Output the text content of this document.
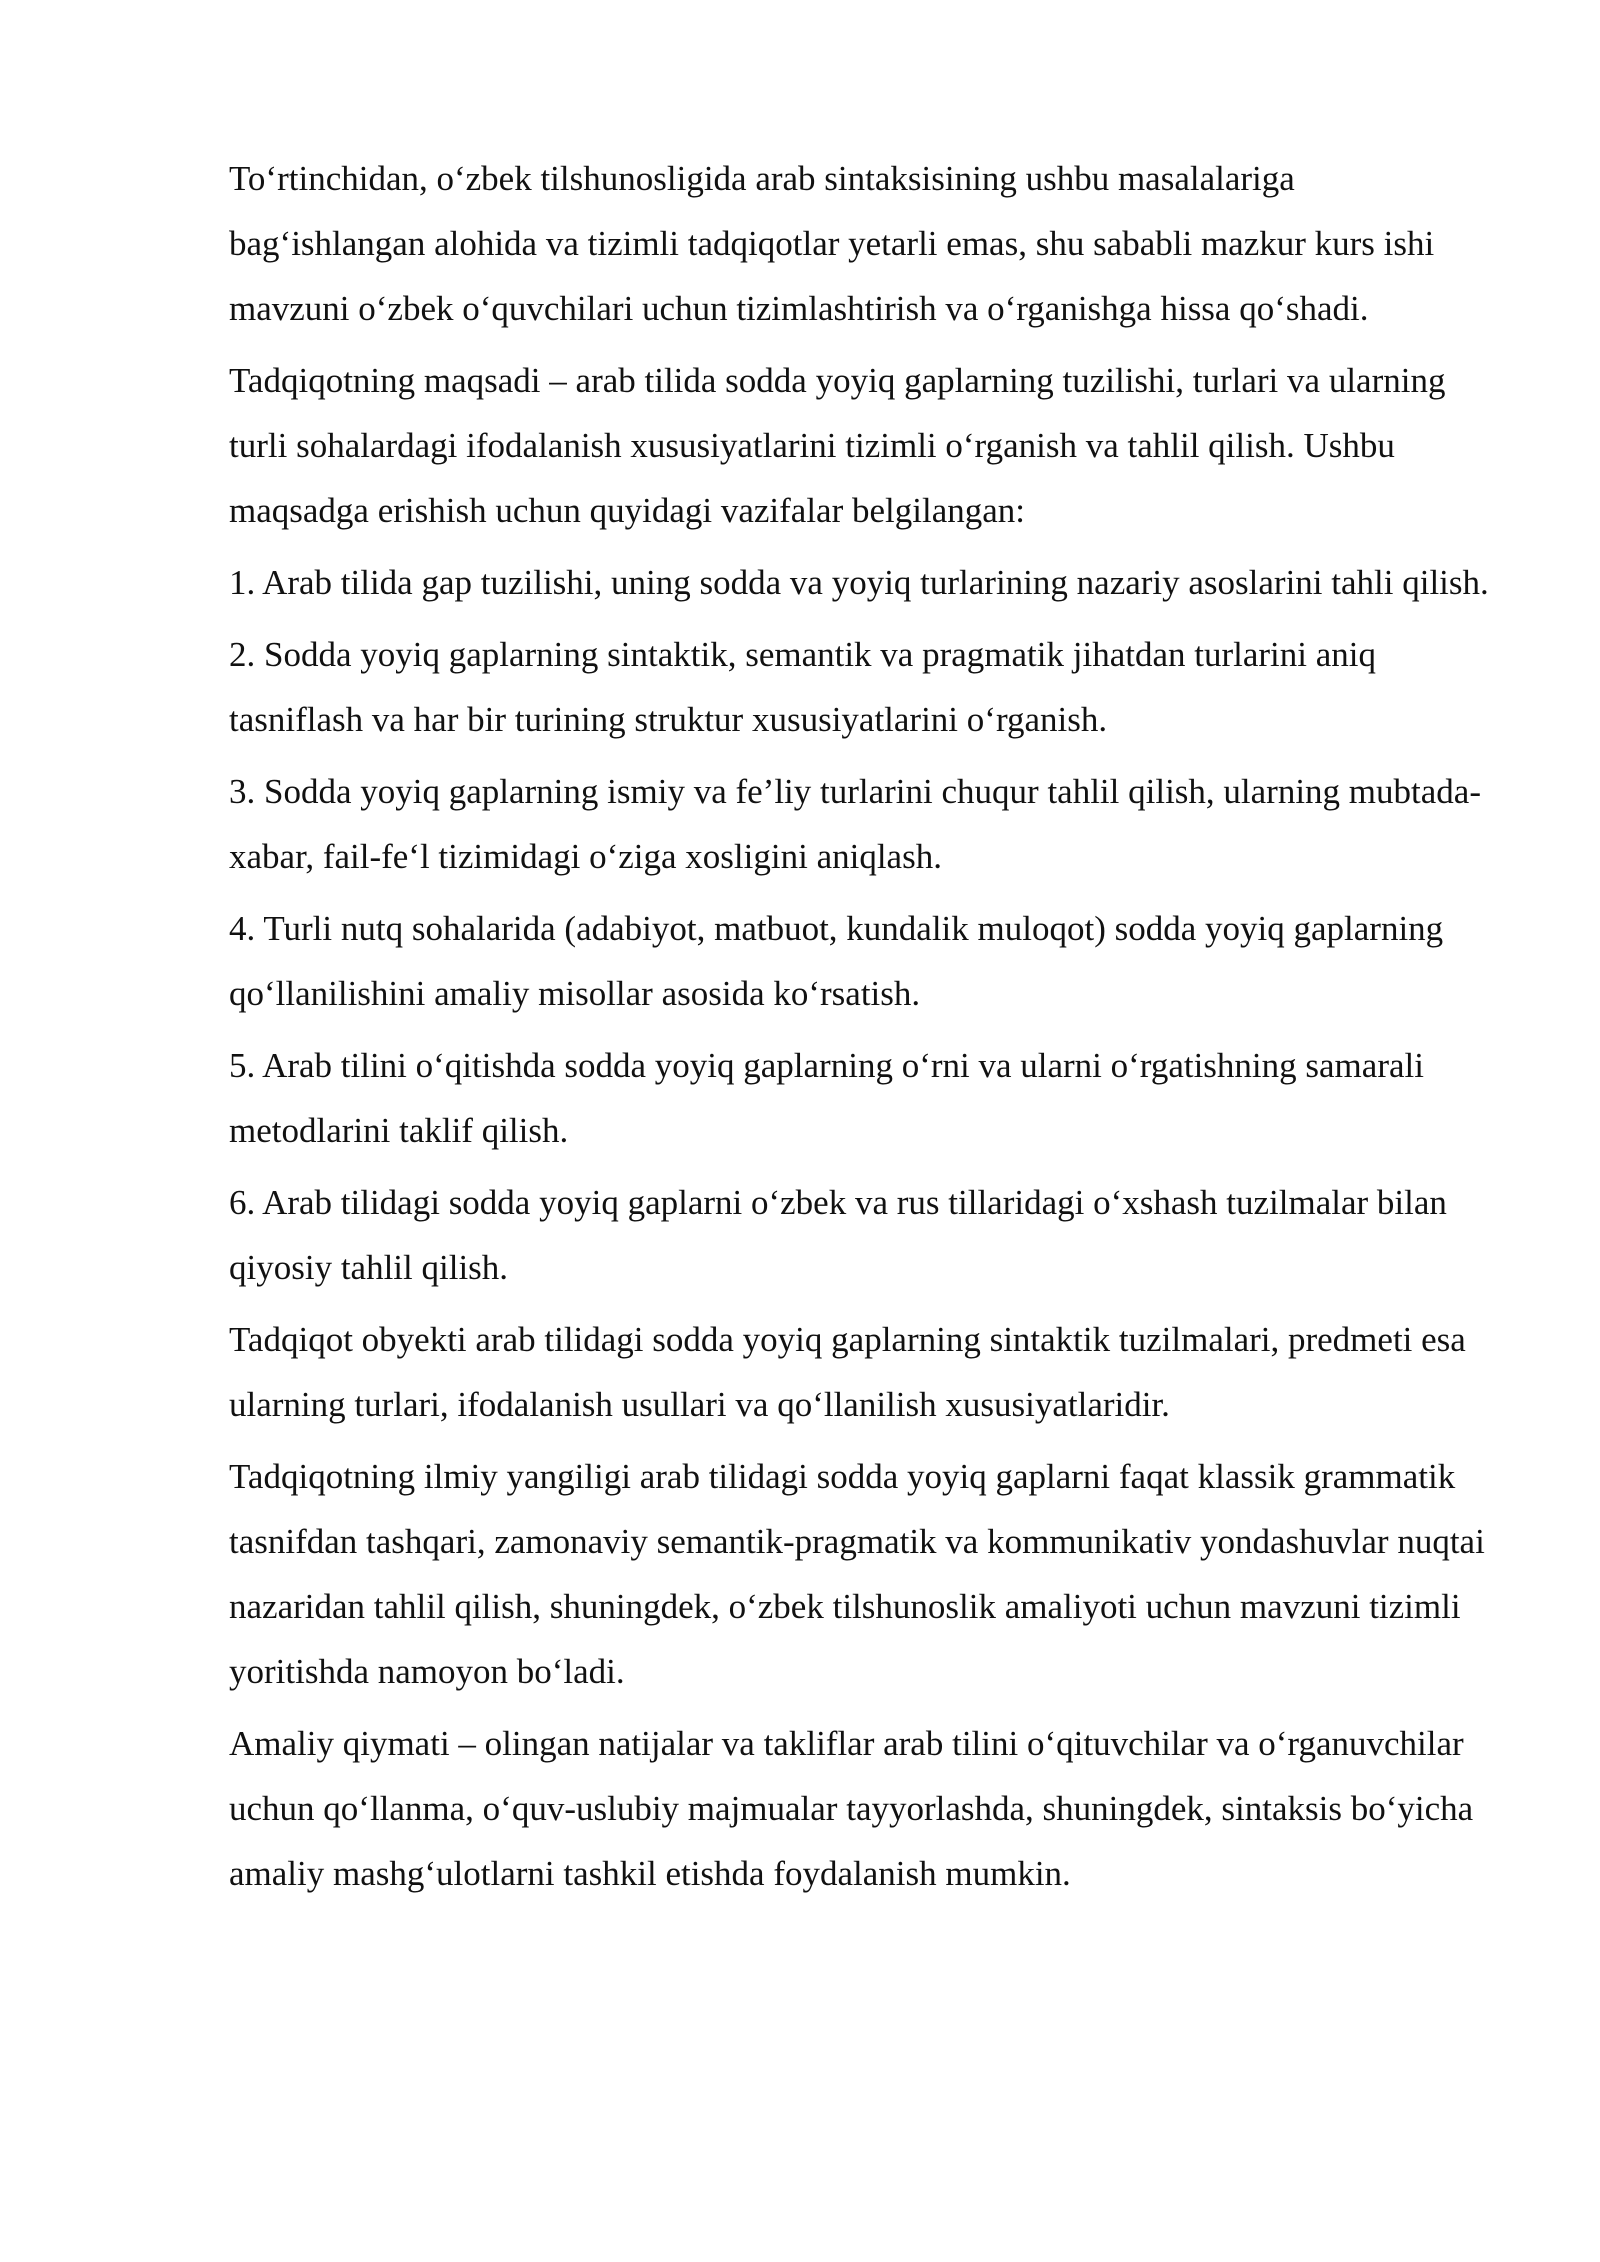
To‘rtinchidan, o‘zbek tilshunosligida arab sintaksisining ushbu masalalariga bag‘ishlangan alohida va tizimli tadqiqotlar yetarli emas, shu sababli mazkur kurs ishi mavzuni o‘zbek o‘quvchilari uchun tizimlashtirish va o‘rganishga hissa qo‘shadi.

Tadqiqotning maqsadi – arab tilida sodda yoyiq gaplarning tuzilishi, turlari va ularning turli sohalardagi ifodalanish xususiyatlarini tizimli o‘rganish va tahlil qilish. Ushbu maqsadga erishish uchun quyidagi vazifalar belgilangan:

1. Arab tilida gap tuzilishi, uning sodda va yoyiq turlarining nazariy asoslarini tahli qilish.

2. Sodda yoyiq gaplarning sintaktik, semantik va pragmatik jihatdan turlarini aniq tasniflash va har bir turining struktur xususiyatlarini o‘rganish.

3. Sodda yoyiq gaplarning ismiy va fe’liy turlarini chuqur tahlil qilish, ularning mubtada-xabar, fail-fe‘l tizimidagi o‘ziga xosligini aniqlash.

4. Turli nutq sohalarida (adabiyot, matbuot, kundalik muloqot) sodda yoyiq gaplarning qo‘llanilishini amaliy misollar asosida ko‘rsatish.

5. Arab tilini o‘qitishda sodda yoyiq gaplarning o‘rni va ularni o‘rgatishning samarali metodlarini taklif qilish.

6. Arab tilidagi sodda yoyiq gaplarni o‘zbek va rus tillaridagi o‘xshash tuzilmalar bilan qiyosiy tahlil qilish.

Tadqiqot obyekti arab tilidagi sodda yoyiq gaplarning sintaktik tuzilmalari, predmeti esa ularning turlari, ifodalanish usullari va qo‘llanilish xususiyatlaridir.

Tadqiqotning ilmiy yangiligi arab tilidagi sodda yoyiq gaplarni faqat klassik grammatik tasnifdan tashqari, zamonaviy semantik-pragmatik va kommunikativ yondashuvlar nuqtai nazaridan tahlil qilish, shuningdek, o‘zbek tilshunoslik amaliyoti uchun mavzuni tizimli yoritishda namoyon bo‘ladi.

Amaliy qiymati – olingan natijalar va takliflar arab tilini o‘qituvchilar va o‘rganuvchilar uchun qo‘llanma, o‘quv-uslubiy majmualar tayyorlashda, shuningdek, sintaksis bo‘yicha amaliy mashg‘ulotlarni tashkil etishda foydalanish mumkin.
